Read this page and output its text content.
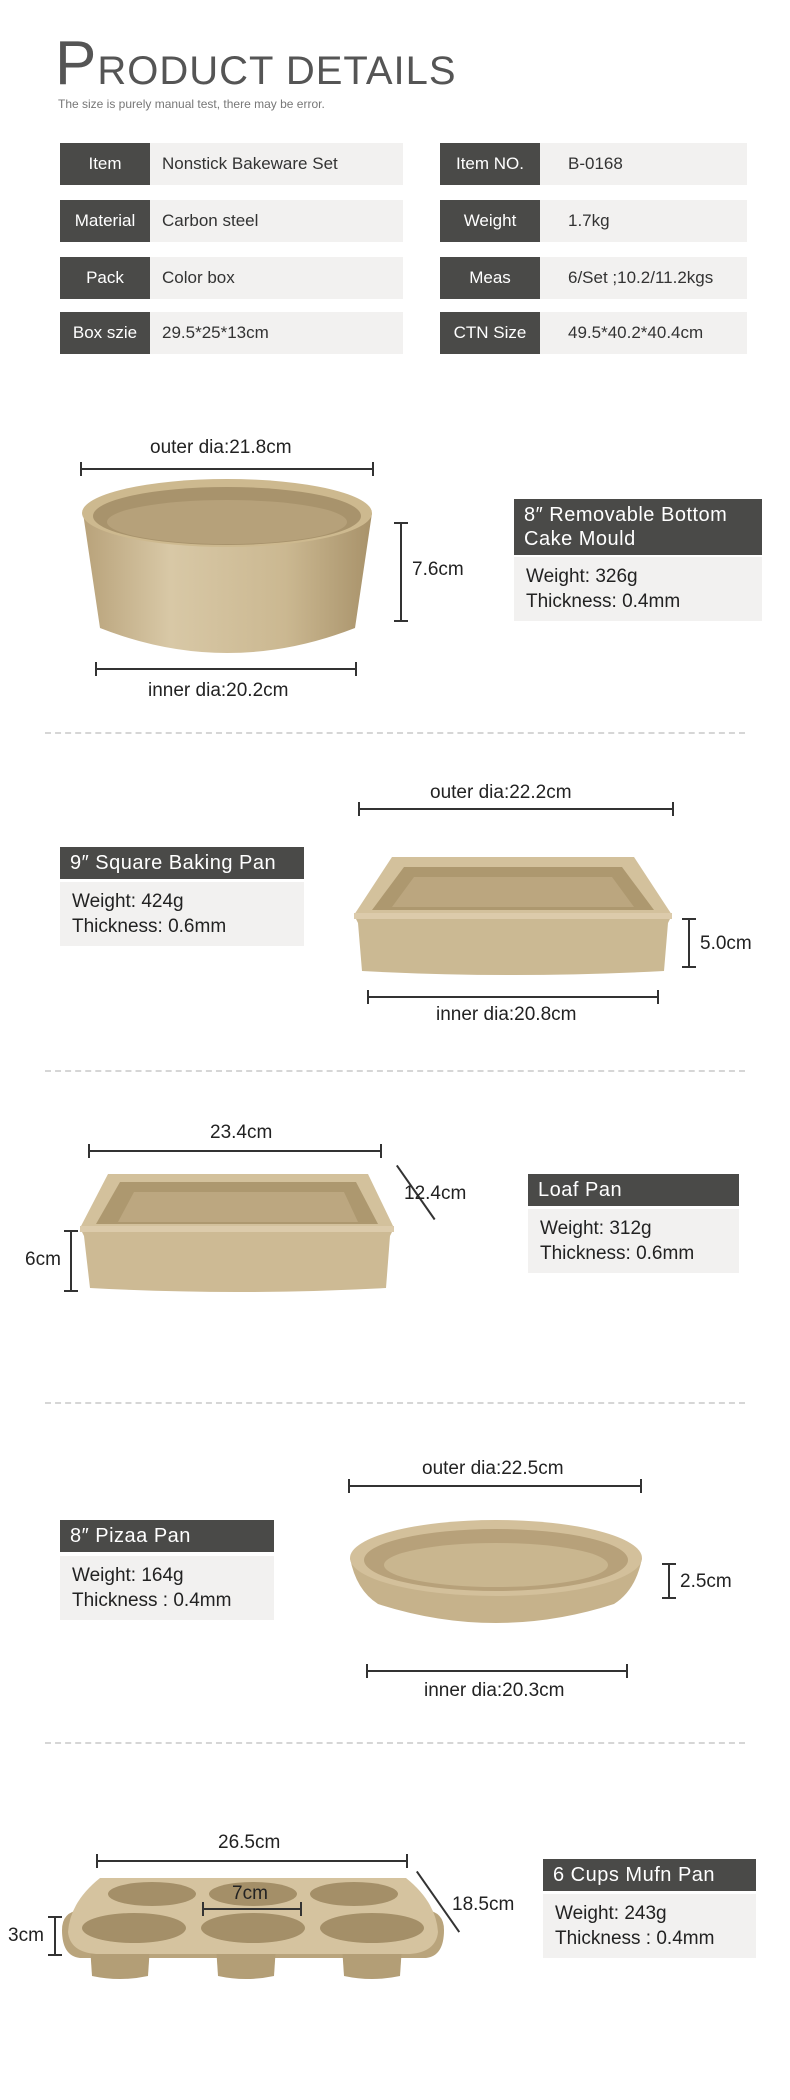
PRODUCT DETAILS
The size is purely manual test, there may be error.
Item	Nonstick Bakeware Set	Item NO.	B-0168
Material	Carbon steel	Weight	1.7kg
Pack	Color box	Meas	6/Set ;10.2/11.2kgs
Box szie	29.5*25*13cm	CTN Size	49.5*40.2*40.4cm
outer dia:21.8cm
7.6cm
inner dia:20.2cm
8″ Removable Bottom
Cake Mould
Weight: 326g
Thickness: 0.4mm
9″ Square Baking Pan
Weight: 424g
Thickness: 0.6mm
outer dia:22.2cm
5.0cm
inner dia:20.8cm
23.4cm
12.4cm
6cm
Loaf Pan
Weight: 312g
Thickness: 0.6mm
8″ Pizaa Pan
Weight: 164g
Thickness : 0.4mm
outer dia:22.5cm
2.5cm
inner dia:20.3cm
26.5cm
7cm
18.5cm
3cm
6 Cups Mufn Pan
Weight: 243g
Thickness : 0.4mm
